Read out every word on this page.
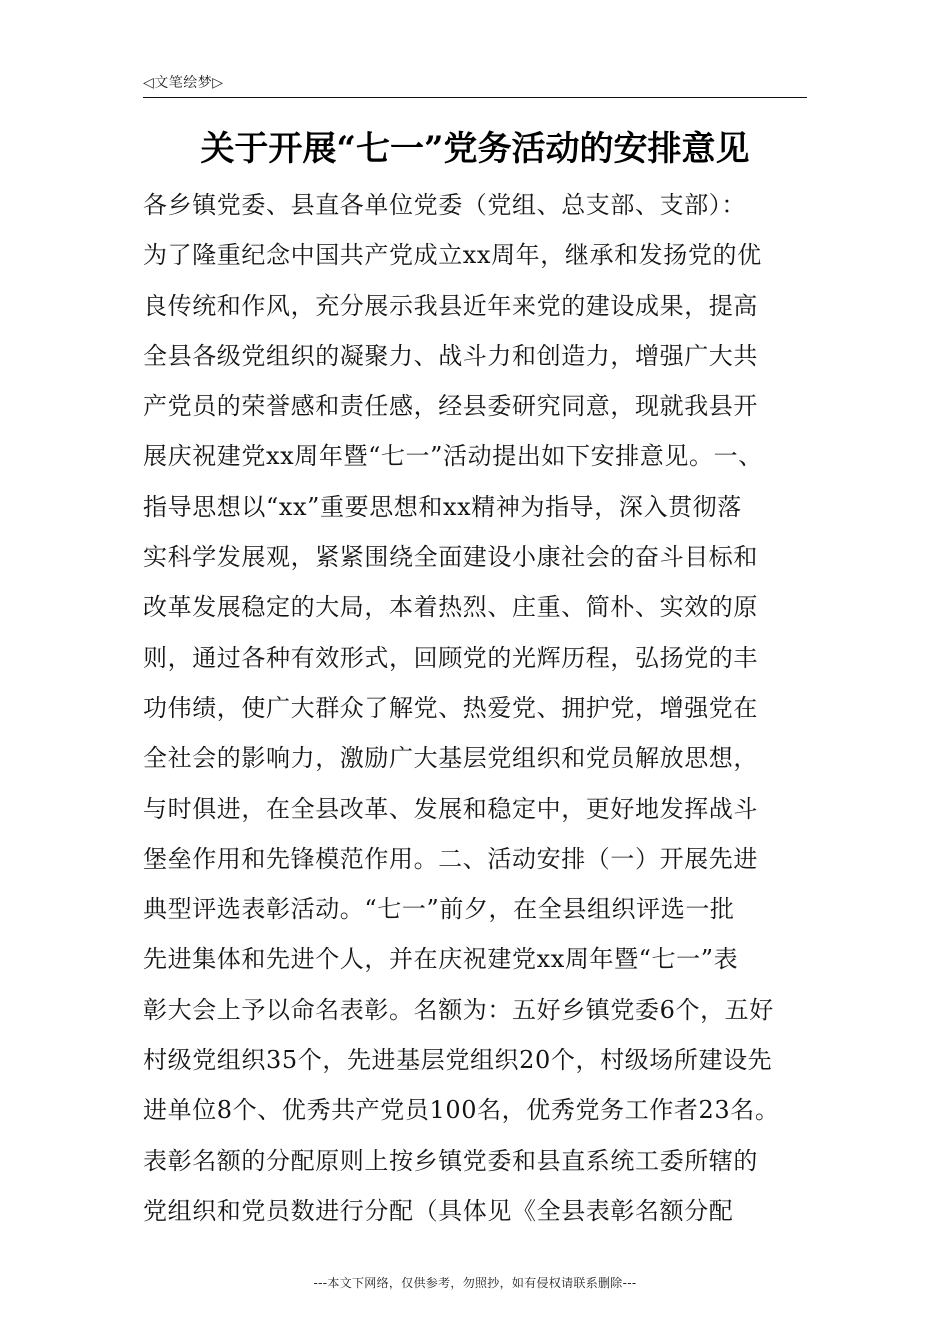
◁文笔绘梦▷
关于开展“七一”党务活动的安排意见
各乡镇党委、县直各单位党委（党组、总支部、支部）：
为了隆重纪念中国共产党成立xx周年，继承和发扬党的优
良传统和作风，充分展示我县近年来党的建设成果，提高
全县各级党组织的凝聚力、战斗力和创造力，增强广大共
产党员的荣誉感和责任感，经县委研究同意，现就我县开
展庆祝建党xx周年暨“七一”活动提出如下安排意见。一、
指导思想以“xx”重要思想和xx精神为指导，深入贯彻落
实科学发展观，紧紧围绕全面建设小康社会的奋斗目标和
改革发展稳定的大局，本着热烈、庄重、简朴、实效的原
则，通过各种有效形式，回顾党的光辉历程，弘扬党的丰
功伟绩，使广大群众了解党、热爱党、拥护党，增强党在
全社会的影响力，激励广大基层党组织和党员解放思想，
与时俱进，在全县改革、发展和稳定中，更好地发挥战斗
堡垒作用和先锋模范作用。二、活动安排（一）开展先进
典型评选表彰活动。“七一”前夕，在全县组织评选一批
先进集体和先进个人，并在庆祝建党xx周年暨“七一”表
彰大会上予以命名表彰。名额为：五好乡镇党委6个，五好
村级党组织35个，先进基层党组织20个，村级场所建设先
进单位8个、优秀共产党员100名，优秀党务工作者23名。
表彰名额的分配原则上按乡镇党委和县直系统工委所辖的
党组织和党员数进行分配（具体见《全县表彰名额分配
---本文下网络，仅供参考，勿照抄，如有侵权请联系删除---
